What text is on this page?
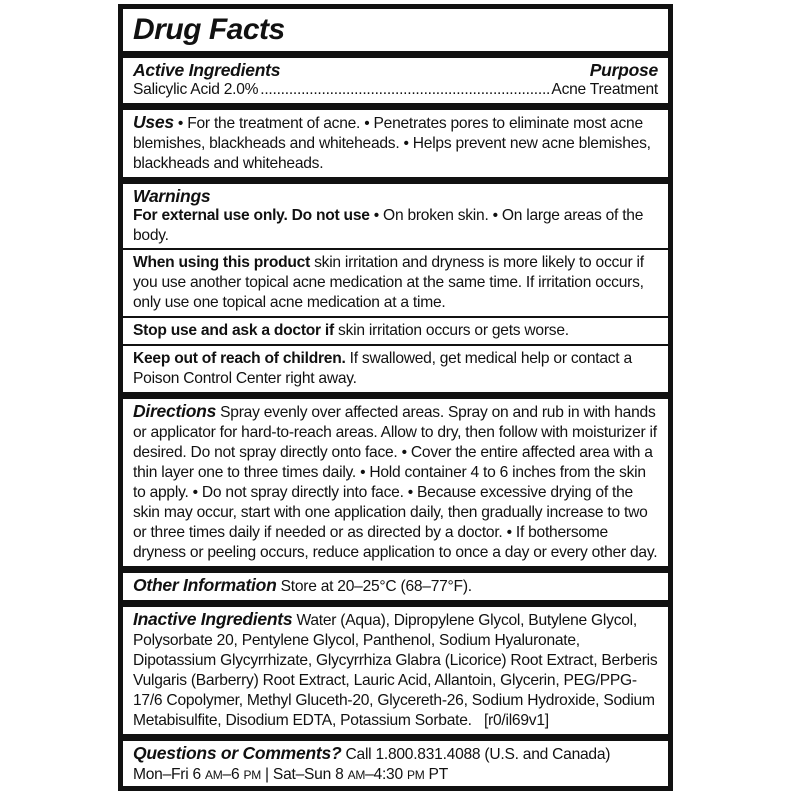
Drug Facts
Active Ingredients	Purpose
Salicylic Acid 2.0%
.....	Acne Treatment
Uses • For the treatment of acne. • Penetrates pores to eliminate most acne blemishes, blackheads and whiteheads. • Helps prevent new acne blemishes, blackheads and whiteheads.
Warnings
For external use only. Do not use • On broken skin. • On large areas of the body.
When using this product skin irritation and dryness is more likely to occur if you use another topical acne medication at the same time. If irritation occurs, only use one topical acne medication at a time.
Stop use and ask a doctor if skin irritation occurs or gets worse.
Keep out of reach of children. If swallowed, get medical help or contact a Poison Control Center right away.
Directions Spray evenly over affected areas. Spray on and rub in with hands or applicator for hard-to-reach areas. Allow to dry, then follow with moisturizer if desired. Do not spray directly onto face. • Cover the entire affected area with a thin layer one to three times daily. • Hold container 4 to 6 inches from the skin to apply. • Do not spray directly into face. • Because excessive drying of the skin may occur, start with one application daily, then gradually increase to two or three times daily if needed or as directed by a doctor. • If bothersome dryness or peeling occurs, reduce application to once a day or every other day.
Other Information Store at 20–25°C (68–77°F).
Inactive Ingredients Water (Aqua), Dipropylene Glycol, Butylene Glycol, Polysorbate 20, Pentylene Glycol, Panthenol, Sodium Hyaluronate, Dipotassium Glycyrrhizate, Glycyrrhiza Glabra (Licorice) Root Extract, Berberis Vulgaris (Barberry) Root Extract, Lauric Acid, Allantoin, Glycerin, PEG/PPG-17/6 Copolymer, Methyl Gluceth-20, Glycereth-26, Sodium Hydroxide, Sodium Metabisulfite, Disodium EDTA, Potassium Sorbate. [r0/il69v1]
Questions or Comments? Call 1.800.831.4088 (U.S. and Canada)
Mon–Fri 6 AM–6 PM | Sat–Sun 8 AM–4:30 PM PT
